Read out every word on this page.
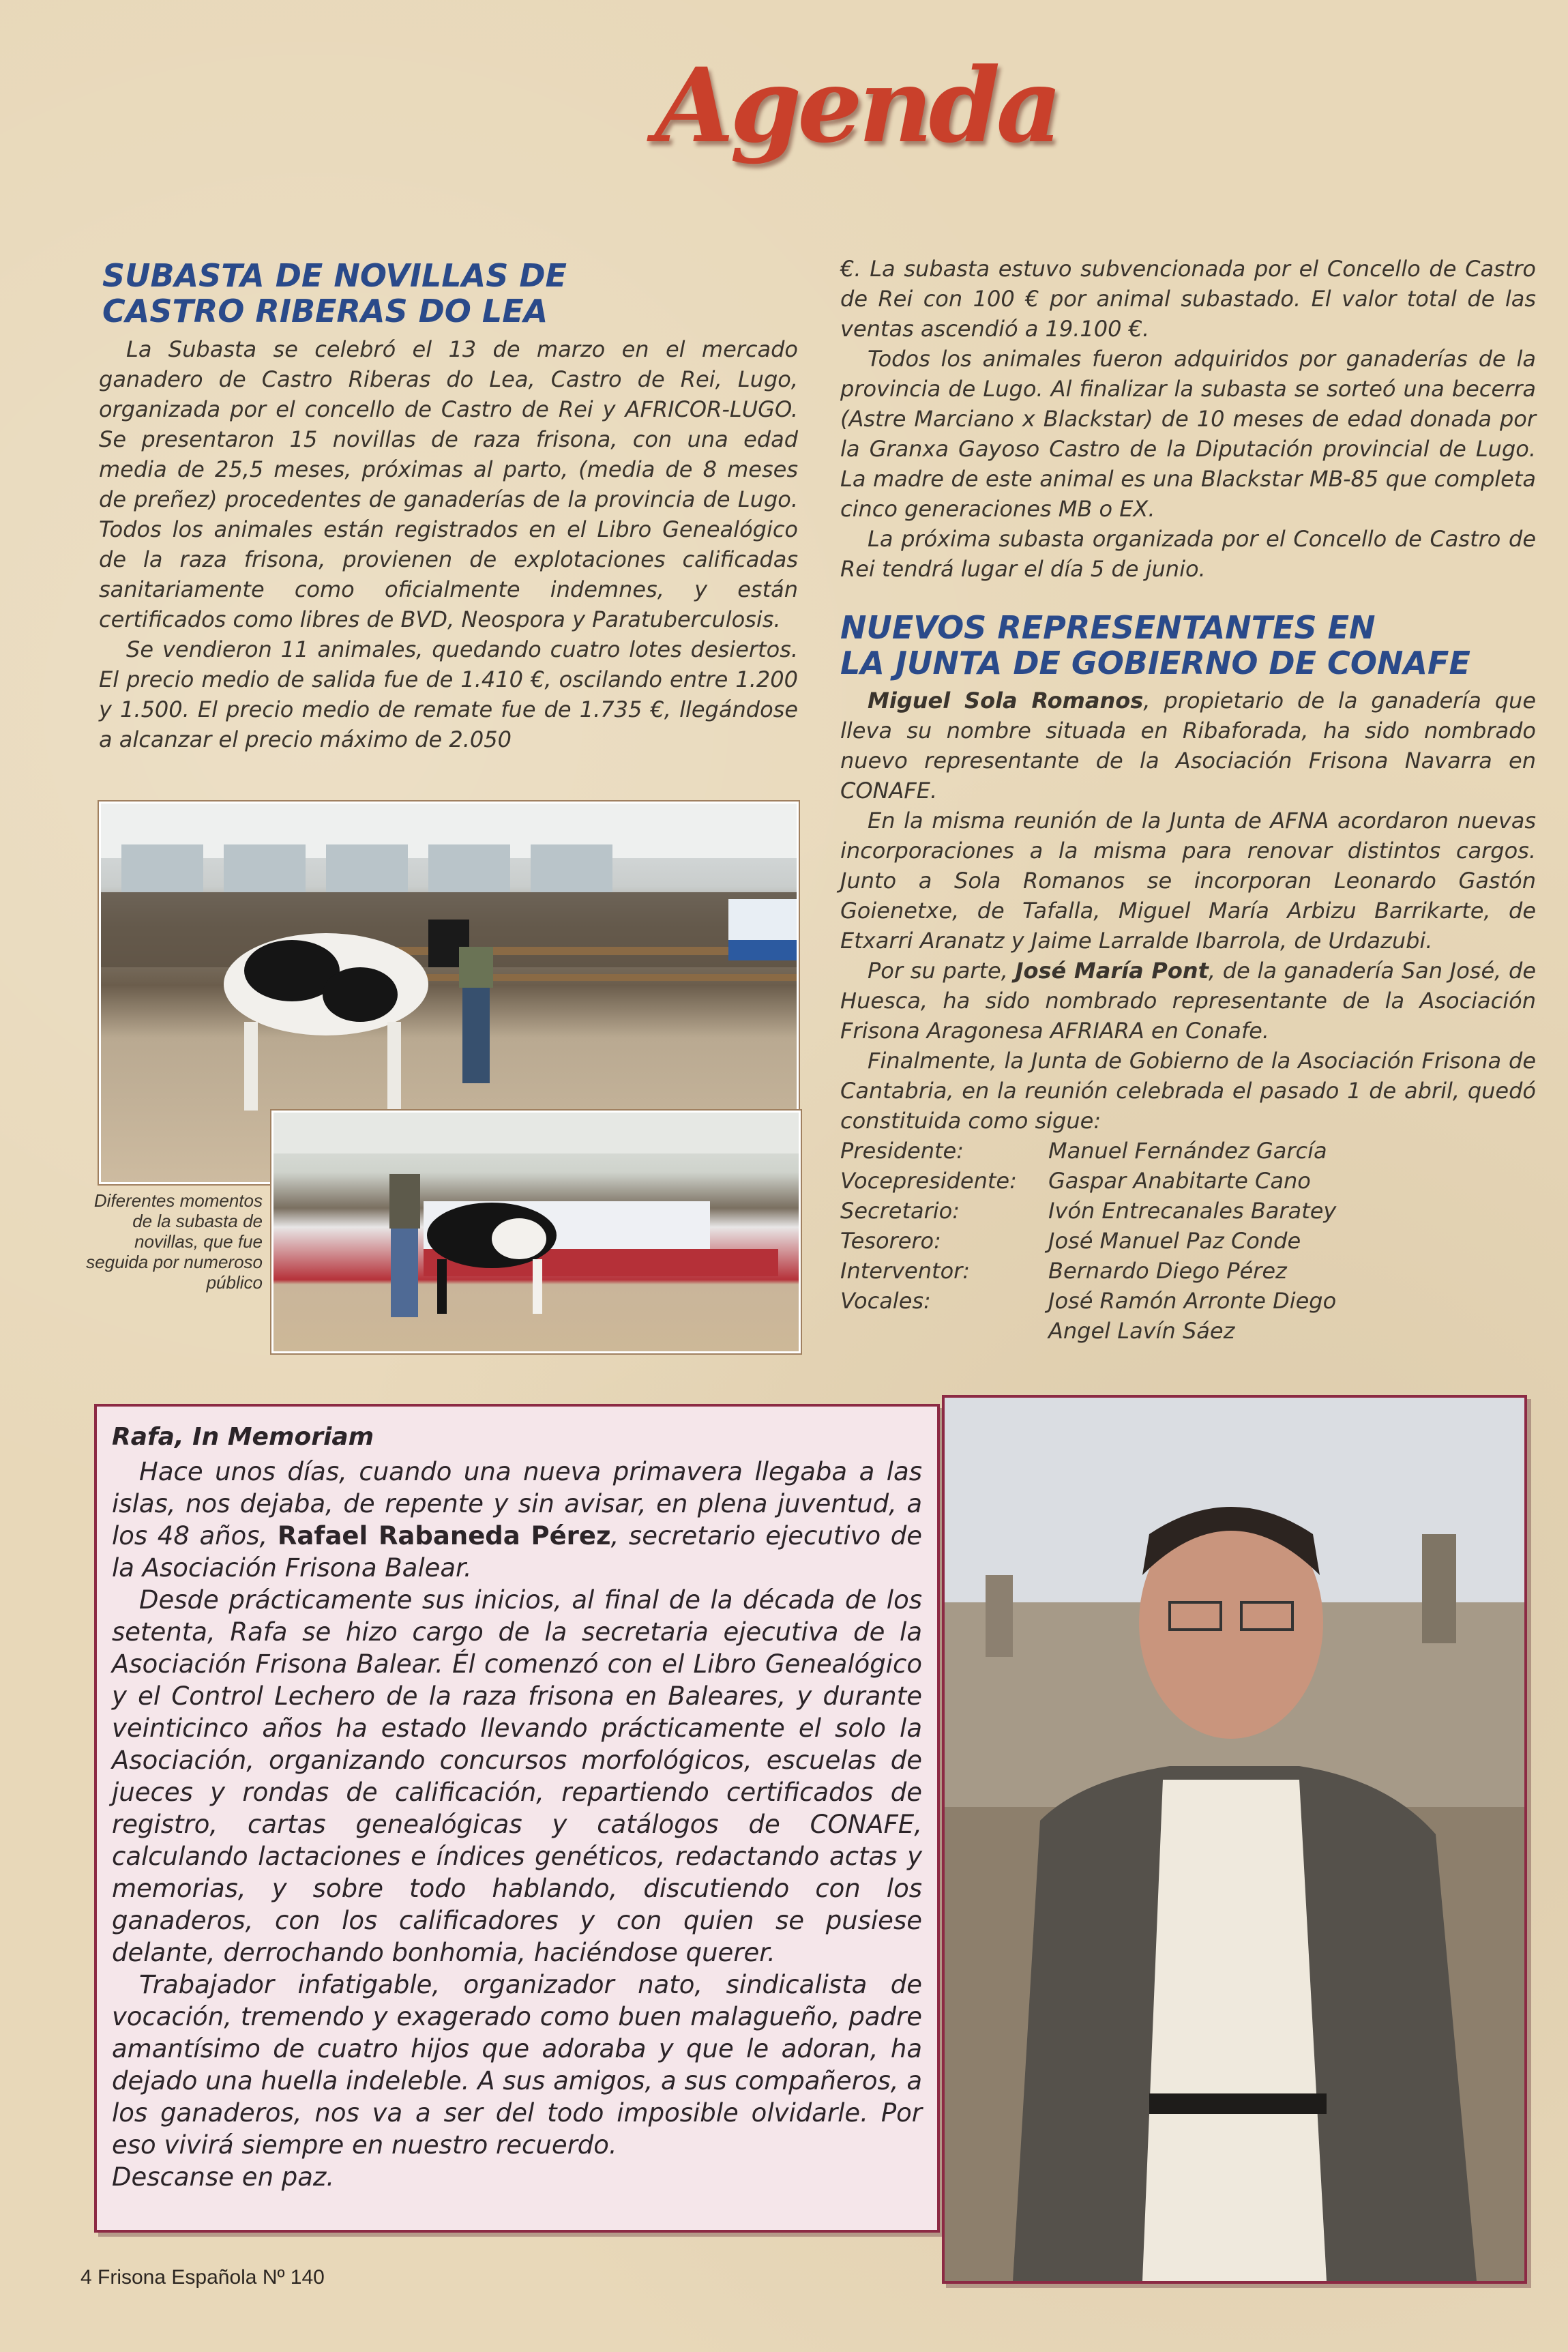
Agenda
SUBASTA DE NOVILLAS DE
CASTRO RIBERAS DO LEA

La Subasta se celebró el 13 de marzo en el mercado ganadero de Castro Riberas do Lea, Castro de Rei, Lugo, organizada por el concello de Castro de Rei y AFRICOR-LUGO. Se presentaron 15 novillas de raza frisona, con una edad media de 25,5 meses, próximas al parto, (media de 8 meses de preñez) procedentes de ganaderías de la provincia de Lugo. Todos los animales están registrados en el Libro Genealógico de la raza frisona, provienen de explotaciones calificadas sanitariamente como oficialmente indemnes, y están certificados como libres de BVD, Neospora y Paratuberculosis.

Se vendieron 11 animales, quedando cuatro lotes desiertos. El precio medio de salida fue de 1.410 €, oscilando entre 1.200 y 1.500. El precio medio de remate fue de 1.735 €, llegándose a alcanzar el precio máximo de 2.050

Diferentes momentos de la subasta de novillas, que fue seguida por numeroso público

€. La subasta estuvo subvencionada por el Concello de Castro de Rei con 100 € por animal subastado. El valor total de las ventas ascendió a 19.100 €.

Todos los animales fueron adquiridos por ganaderías de la provincia de Lugo. Al finalizar la subasta se sorteó una becerra (Astre Marciano x Blackstar) de 10 meses de edad donada por la Granxa Gayoso Castro de la Diputación provincial de Lugo. La madre de este animal es una Blackstar MB-85 que completa cinco generaciones MB o EX.

La próxima subasta organizada por el Concello de Castro de Rei tendrá lugar el día 5 de junio.

NUEVOS REPRESENTANTES EN
LA JUNTA DE GOBIERNO DE CONAFE

Miguel Sola Romanos, propietario de la ganadería que lleva su nombre situada en Ribaforada, ha sido nombrado nuevo representante de la Asociación Frisona Navarra en CONAFE.

En la misma reunión de la Junta de AFNA acordaron nuevas incorporaciones a la misma para renovar distintos cargos. Junto a Sola Romanos se incorporan Leonardo Gastón Goienetxe, de Tafalla, Miguel María Arbizu Barrikarte, de Etxarri Aranatz y Jaime Larralde Ibarrola, de Urdazubi.

Por su parte, José María Pont, de la ganadería San José, de Huesca, ha sido nombrado representante de la Asociación Frisona Aragonesa AFRIARA en Conafe.

Finalmente, la Junta de Gobierno de la Asociación Frisona de Cantabria, en la reunión celebrada el pasado 1 de abril, quedó constituida como sigue:

Presidente:	Manuel Fernández García
Vocepresidente:	Gaspar Anabitarte Cano
Secretario:	Ivón Entrecanales Baratey
Tesorero:	José Manuel Paz Conde
Interventor:	Bernardo Diego Pérez
Vocales:	José Ramón Arronte Diego
	Angel Lavín Sáez
Rafa, In Memoriam

Hace unos días, cuando una nueva primavera llegaba a las islas, nos dejaba, de repente y sin avisar, en plena juventud, a los 48 años, Rafael Rabaneda Pérez, secretario ejecutivo de la Asociación Frisona Balear.

Desde prácticamente sus inicios, al final de la década de los setenta, Rafa se hizo cargo de la secretaria ejecutiva de la Asociación Frisona Balear. Él comenzó con el Libro Genealógico y el Control Lechero de la raza frisona en Baleares, y durante veinticinco años ha estado llevando prácticamente el solo la Asociación, organizando concursos morfológicos, escuelas de jueces y rondas de calificación, repartiendo certificados de registro, cartas genealógicas y catálogos de CONAFE, calculando lactaciones e índices genéticos, redactando actas y memorias, y sobre todo hablando, discutiendo con los ganaderos, con los calificadores y con quien se pusiese delante, derrochando bonhomia, haciéndose querer.

Trabajador infatigable, organizador nato, sindicalista de vocación, tremendo y exagerado como buen malagueño, padre amantísimo de cuatro hijos que adoraba y que le adoran, ha dejado una huella indeleble. A sus amigos, a sus compañeros, a los ganaderos, nos va a ser del todo imposible olvidarle. Por eso vivirá siempre en nuestro recuerdo.

Descanse en paz.

4 Frisona Española Nº 140
